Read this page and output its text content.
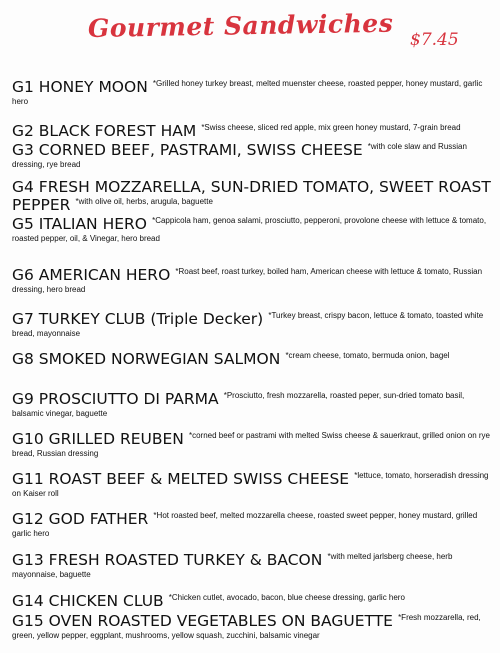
Gourmet Sandwiches $7.45
G1 HONEY MOON $^{*Grilled honey turkey breast, melted muenster cheese, roasted pepper, honey mustard, garlic hero}$
G2 BLACK FOREST HAM $^{*Swiss cheese, sliced red apple, mix green honey mustard, 7-grain bread}$
G3 CORNED BEEF, PASTRAMI, SWISS CHEESE $^{*with cole slaw and Russian dressing, rye bread}$
G4 FRESH MOZZARELLA, SUN-DRIED TOMATO, SWEET ROAST PEPPER $^{*with olive oil, herbs, arugula, baguette}$
G5 ITALIAN HERO $^{*Cappicola ham, genoa salami, prosciutto, pepperoni, provolone cheese with lettuce \& tomato, roasted pepper, oil, \& Vinegar, hero bread}$
G6 AMERICAN HERO $^{*Roast beef, roast turkey, boiled ham, American cheese with lettuce \& tomato, Russian dressing, hero bread}$
G7 TURKEY CLUB (Triple Decker) $^{*Turkey breast, crispy bacon, lettuce \& tomato, toasted white bread, mayonnaise}$
G8 SMOKED NORWEGIAN SALMON $^{*cream cheese, tomato, bermuda onion, bagel}$
G9 PROSCIUTTO DI PARMA $^{*Prosciutto, fresh mozzarella, roasted peper, sun-dried tomato basil, balsamic vinegar, baguette}$
G10 GRILLED REUBEN $^{*corned beef or pastrami with melted Swiss cheese \& sauerkraut, grilled onion on rye bread, Russian dressing}$
G11 ROAST BEEF & MELTED SWISS CHEESE $^{*lettuce, tomato, horseradish dressing on Kaiser roll}$
G12 GOD FATHER $^{*Hot roasted beef, melted mozzarella cheese, roasted sweet pepper, honey mustard, grilled garlic hero}$
G13 FRESH ROASTED TURKEY & BACON $^{*with melted jarlsberg cheese, herb mayonnaise, baguette}$
G14 CHICKEN CLUB $^{*Chicken cutlet, avocado, bacon, blue cheese dressing, garlic hero}$
G15 OVEN ROASTED VEGETABLES ON BAGUETTE $^{*Fresh mozzarella, red, green, yellow pepper, eggplant, mushrooms, yellow squash, zucchini, balsamic vinegar}$
